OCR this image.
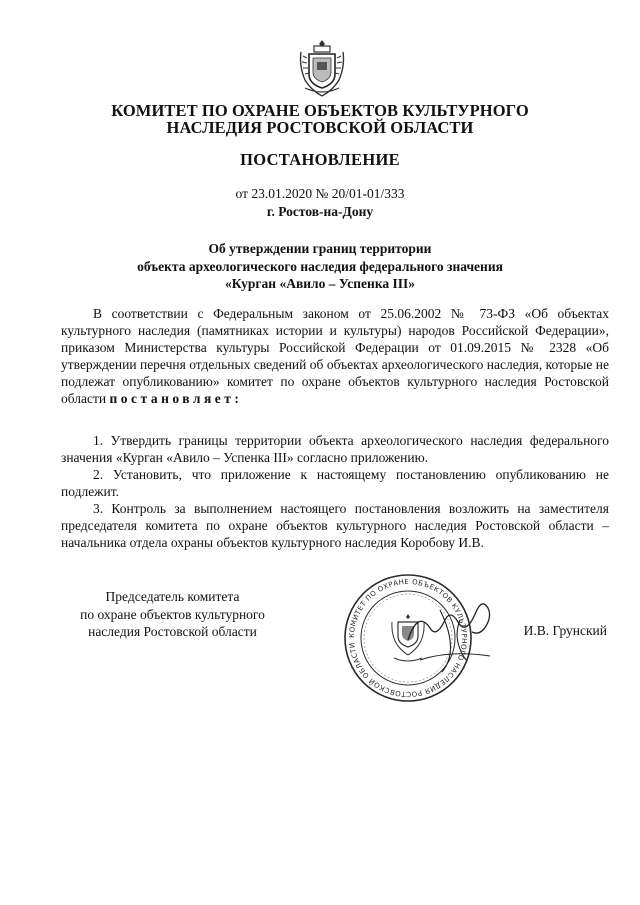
КОМИТЕТ ПО ОХРАНЕ ОБЪЕКТОВ КУЛЬТУРНОГО
НАСЛЕДИЯ РОСТОВСКОЙ ОБЛАСТИ
ПОСТАНОВЛЕНИЕ
от 23.01.2020 № 20/01-01/333
г. Ростов-на-Дону
Об утверждении границ территории
объекта археологического наследия федерального значения
«Курган «Авило – Успенка III»
В соответствии с Федеральным законом от 25.06.2002 № 73-ФЗ «Об объектах культурного наследия (памятниках истории и культуры) народов Российской Федерации», приказом Министерства культуры Российской Федерации от 01.09.2015 № 2328 «Об утверждении перечня отдельных сведений об объектах археологического наследия, которые не подлежат опубликованию» комитет по охране объектов культурного наследия Ростовской области постановляет:
1. Утвердить границы территории объекта археологического наследия федерального значения «Курган «Авило – Успенка III» согласно приложению.
2. Установить, что приложение к настоящему постановлению опубликованию не подлежит.
3. Контроль за выполнением настоящего постановления возложить на заместителя председателя комитета по охране объектов культурного наследия Ростовской области – начальника отдела охраны объектов культурного наследия Коробову И.В.
Председатель комитета
по охране объектов культурного
наследия Ростовской области	КОМИТЕТ ПО ОХРАНЕ ОБЪЕКТОВ КУЛЬТУРНОГО НАСЛЕДИЯ РОСТОВСКОЙ ОБЛАСТИ
И.В. Грунский
